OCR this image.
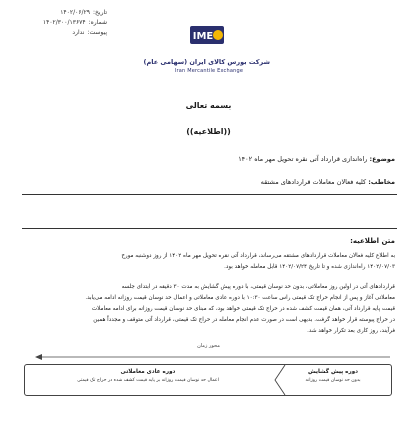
تاریخ:۱۴۰۲/۰۶/۲۹
شماره:۱۴۰۲/۳۰۰/۱۳۶۷۴
پیوست:ندارد	IME
شرکت بورس کالای ایران (سهامی عام)
Iran Mercantile Exchange
بسمه تعالی
((اطلاعیه))
موضوع: راه‌اندازی قرارداد آتی نقره تحویل مهر ماه ۱۴۰۲
مخاطب: کلیه فعالان معاملات قراردادهای مشتقه
متن اطلاعیه:
به اطلاع کلیه فعالان معاملات قراردادهای مشتقه می‌رساند، قرارداد آتی نقره تحویل مهر ماه ۱۴۰۲ از روز دوشنبه مورخ
۱۴۰۲/۰۷/۰۳ راه‌اندازی شده و تا تاریخ ۱۴۰۲/۰۷/۲۴ قابل معامله خواهد بود.
قراردادهای آتی در اولین روز معاملاتی، بدون حد نوسان قیمتی، با دوره پیش گشایش به مدت ۳۰ دقیقه در ابتدای جلسه
معاملاتی آغاز و پس از انجام حراج تک قیمتی راس ساعت ۱۰:۳۰ با دوره عادی معاملاتی و اعمال حد نوسان قیمت روزانه ادامه می‌یابد.
قیمت پایه قرارداد آتی، همان قیمت کشف شده در حراج تک قیمتی خواهد بود، که مبنای حد نوسان قیمت روزانه برای ادامه معاملات
در حراج پیوسته قرار خواهد گرفت. بدیهی است در صورت عدم انجام معامله در حراج تک قیمتی، قرارداد آتی متوقف و مجدداً همین
فرآیند، روز کاری بعد تکرار خواهد شد.
محور زمان
دوره عادی معاملاتی
اعمال حد نوسان قیمت روزانه بر پایه قیمت کشف شده در حراج تک قیمتی
دوره پیش گشایش
بدون حد نوسان قیمت روزانه
